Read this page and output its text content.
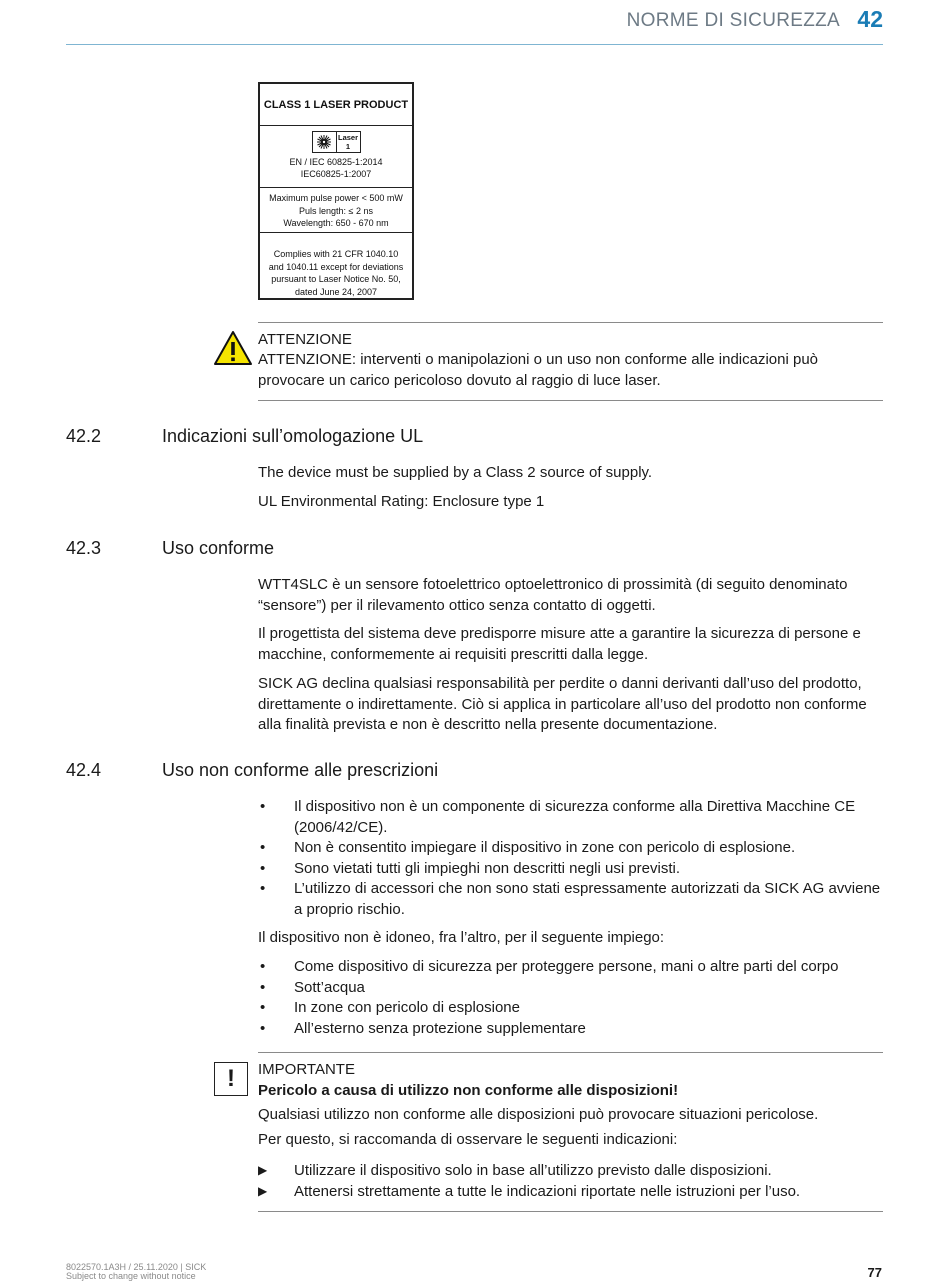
NORME DI SICUREZZA 42
CLASS 1 LASER PRODUCT
Laser
1
EN / IEC 60825-1:2014
IEC60825-1:2007
Maximum pulse power < 500 mW
Puls length: ≤ 2 ns
Wavelength: 650 - 670 nm
Complies with 21 CFR 1040.10
and 1040.11 except for deviations
pursuant to Laser Notice No. 50,
dated June 24, 2007
ATTENZIONE
ATTENZIONE: interventi o manipolazioni o un uso non conforme alle indicazioni può provocare un carico pericoloso dovuto al raggio di luce laser.
42.2	Indicazioni sull’omologazione UL
The device must be supplied by a Class 2 source of supply.
UL Environmental Rating: Enclosure type 1
42.3	Uso conforme
WTT4SLC è un sensore fotoelettrico optoelettronico di prossimità (di seguito denominato “sensore”) per il rilevamento ottico senza contatto di oggetti.
Il progettista del sistema deve predisporre misure atte a garantire la sicurezza di persone e macchine, conformemente ai requisiti prescritti dalla legge.
SICK AG declina qualsiasi responsabilità per perdite o danni derivanti dall’uso del prodotto, direttamente o indirettamente. Ciò si applica in particolare all’uso del prodotto non conforme alla finalità prevista e non è descritto nella presente documentazione.
42.4	Uso non conforme alle prescrizioni
• Il dispositivo non è un componente di sicurezza conforme alla Direttiva Macchine CE (2006/42/CE).
• Non è consentito impiegare il dispositivo in zone con pericolo di esplosione.
• Sono vietati tutti gli impieghi non descritti negli usi previsti.
• L’utilizzo di accessori che non sono stati espressamente autorizzati da SICK AG avviene a proprio rischio.
Il dispositivo non è idoneo, fra l’altro, per il seguente impiego:
• Come dispositivo di sicurezza per proteggere persone, mani o altre parti del corpo
• Sott’acqua
• In zone con pericolo di esplosione
• All’esterno senza protezione supplementare
!	IMPORTANTE
Pericolo a causa di utilizzo non conforme alle disposizioni!
Qualsiasi utilizzo non conforme alle disposizioni può provocare situazioni pericolose.
Per questo, si raccomanda di osservare le seguenti indicazioni:
▶ Utilizzare il dispositivo solo in base all’utilizzo previsto dalle disposizioni.
▶ Attenersi strettamente a tutte le indicazioni riportate nelle istruzioni per l’uso.
8022570.1A3H / 25.11.2020 | SICK
Subject to change without notice	77
